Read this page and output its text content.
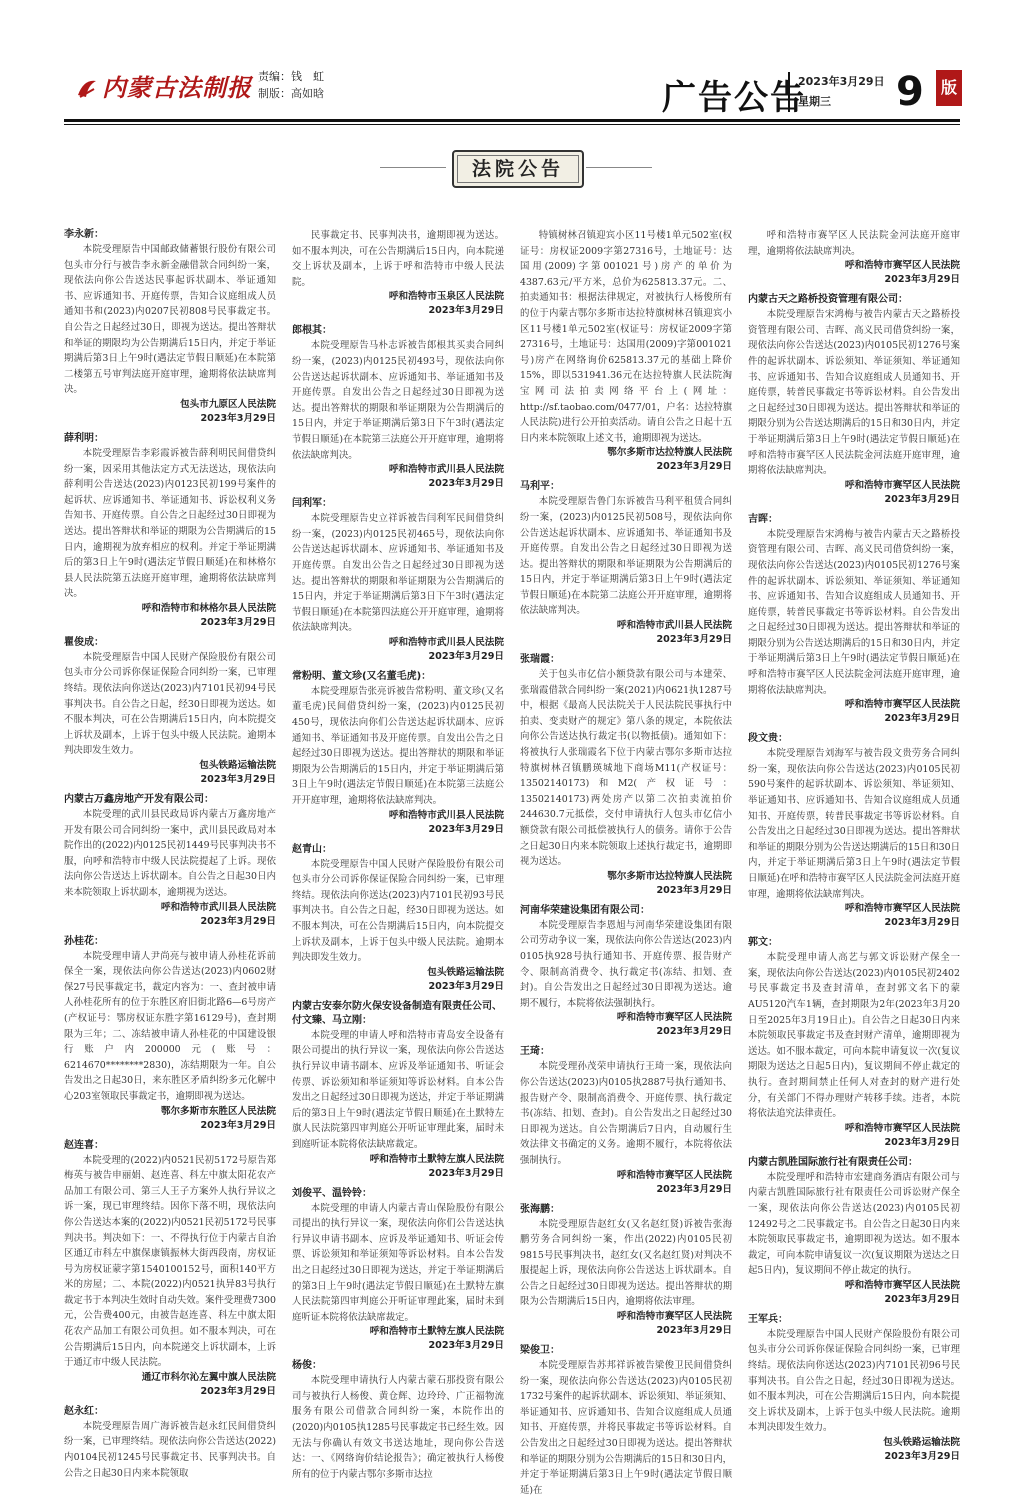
内蒙古法制报 责编：钱　虹
制版：高如晗	广告公告
2023年3月29日
星期三	9	版
法院公告
李永新：
本院受理原告中国邮政储蓄银行股份有限公司包头市分行与被告李永新金融借款合同纠纷一案，现依法向你公告送达民事起诉状副本、举证通知书、应诉通知书、开庭传票，告知合议庭组成人员通知书和(2023)内0207民初808号民事裁定书。自公告之日起经过30日，即视为送达。提出答辩状和举证的期限均为公告期满后15日内，并定于举证期满后第3日上午9时(遇法定节假日顺延)在本院第二楼第五号审判法庭开庭审理，逾期将依法缺席判决。
包头市九原区人民法院
2023年3月29日
薛利明：
本院受理原告李彩霞诉被告薛利明民间借贷纠纷一案，因采用其他法定方式无法送达，现依法向薛利明公告送达(2023)内0123民初199号案件的起诉状、应诉通知书、举证通知书、诉讼权利义务告知书、开庭传票。自公告之日起经过30日即视为送达。提出答辩状和举证的期限为公告期满后的15日内，逾期视为放弃相应的权利。并定于举证期满后的第3日上午9时(遇法定节假日顺延)在和林格尔县人民法院第五法庭开庭审理，逾期将依法缺席判决。
呼和浩特市和林格尔县人民法院
2023年3月29日
瞿俊成：
本院受理原告中国人民财产保险股份有限公司包头市分公司诉你保证保险合同纠纷一案，已审理终结。现依法向你送达(2023)内7101民初94号民事判决书。自公告之日起，经30日即视为送达。如不服本判决，可在公告期满后15日内，向本院提交上诉状及副本，上诉于包头中级人民法院。逾期本判决即发生效力。
包头铁路运输法院
2023年3月29日
内蒙古万鑫房地产开发有限公司：
本院受理的武川县民政局诉内蒙古万鑫房地产开发有限公司合同纠纷一案中，武川县民政局对本院作出的(2022)内0125民初1449号民事判决书不服，向呼和浩特市中级人民法院提起了上诉。现依法向你公告送达上诉状副本。自公告之日起30日内来本院领取上诉状副本，逾期视为送达。
呼和浩特市武川县人民法院
2023年3月29日
孙桂花：
本院受理申请人尹尚亮与被申请人孙桂花诉前保全一案，现依法向你公告送达(2023)内0602财保27号民事裁定书，裁定内容为：一、查封被申请人孙桂花所有的位于东胜区府旧街北路6—6号房产(产权证号：鄂房权证东胜字第16129号)，查封期限为三年；二、冻结被申请人孙桂花的中国建设银行账户内200000元(账号：6214670********2830)，冻结期限为一年。自公告发出之日起30日，来东胜区矛盾纠纷多元化解中心203室领取民事裁定书，逾期即视为送达。
鄂尔多斯市东胜区人民法院
2023年3月29日
赵连喜：
本院受理的(2022)内0521民初5172号原告郑梅英与被告申丽娟、赵连喜、科左中旗太阳花农产品加工有限公司、第三人王子方案外人执行异议之诉一案，现已审理终结。因你下落不明，现依法向你公告送达本案的(2022)内0521民初5172号民事判决书。判决如下：一、不得执行位于内蒙古自治区通辽市科左中旗保康镇振林大街西段南，房权证号为房权证蒙字第1540100152号，面积140平方米的房屋；二、本院(2022)内0521执异83号执行裁定书于本判决生效时自动失效。案件受理费7300元，公告费400元，由被告赵连喜、科左中旗太阳花农产品加工有限公司负担。如不服本判决，可在公告期满后15日内，向本院递交上诉状副本，上诉于通辽市中级人民法院。
通辽市科尔沁左翼中旗人民法院
2023年3月29日
赵永红：
本院受理原告周广海诉被告赵永红民间借贷纠纷一案，已审理终结。现依法向你公告送达(2022)内0104民初1245号民事裁定书、民事判决书。自公告之日起30日内来本院领取
民事裁定书、民事判决书，逾期即视为送达。如不服本判决，可在公告期满后15日内，向本院递交上诉状及副本，上诉于呼和浩特市中级人民法院。
呼和浩特市玉泉区人民法院
2023年3月29日
郎根其：
本院受理原告马朴志诉被告郎根其买卖合同纠纷一案，(2023)内0125民初493号，现依法向你公告送达起诉状副本、应诉通知书、举证通知书及开庭传票。自发出公告之日起经过30日即视为送达。提出答辩状的期限和举证期限为公告期满后的15日内，并定于举证期满后第3日下午3时(遇法定节假日顺延)在本院第三法庭公开开庭审理，逾期将依法缺席判决。
呼和浩特市武川县人民法院
2023年3月29日
闫利军：
本院受理原告史立祥诉被告闫利军民间借贷纠纷一案，(2023)内0125民初465号，现依法向你公告送达起诉状副本、应诉通知书、举证通知书及开庭传票。自发出公告之日起经过30日即视为送达。提出答辩状的期限和举证期限为公告期满后的15日内，并定于举证期满后第3日下午3时(遇法定节假日顺延)在本院第四法庭公开开庭审理，逾期将依法缺席判决。
呼和浩特市武川县人民法院
2023年3月29日
常粉明、董文珍(又名董毛虎)：
本院受理原告张亮诉被告常粉明、董文珍(又名董毛虎)民间借贷纠纷一案，(2023)内0125民初450号，现依法向你们公告送达起诉状副本、应诉通知书、举证通知书及开庭传票。自发出公告之日起经过30日即视为送达。提出答辩状的期限和举证期限为公告期满后的15日内，并定于举证期满后第3日上午9时(遇法定节假日顺延)在本院第三法庭公开开庭审理，逾期将依法缺席判决。
呼和浩特市武川县人民法院
2023年3月29日
赵青山：
本院受理原告中国人民财产保险股份有限公司包头市分公司诉你保证保险合同纠纷一案，已审理终结。现依法向你送达(2023)内7101民初93号民事判决书。自公告之日起，经30日即视为送达。如不服本判决，可在公告期满后15日内，向本院提交上诉状及副本，上诉于包头中级人民法院。逾期本判决即发生效力。
包头铁路运输法院
2023年3月29日
内蒙古安泰尔防火保安设备制造有限责任公司、付文臻、马立刚：
本院受理的申请人呼和浩特市青岛安全设备有限公司提出的执行异议一案，现依法向你公告送达执行异议申请书副本、应诉及举证通知书、听证会传票、诉讼须知和举证须知等诉讼材料。自本公告发出之日起经过30日即视为送达，并定于举证期满后的第3日上午9时(遇法定节假日顺延)在土默特左旗人民法院第四审判庭公开听证审理此案，届时未到庭听证本院将依法缺席裁定。
呼和浩特市土默特左旗人民法院
2023年3月29日
刘俊平、温铃铃：
本院受理的申请人内蒙古青山保险股份有限公司提出的执行异议一案，现依法向你们公告送达执行异议申请书副本、应诉及举证通知书、听证会传票、诉讼须知和举证须知等诉讼材料。自本公告发出之日起经过30日即视为送达，并定于举证期满后的第3日上午9时(遇法定节假日顺延)在土默特左旗人民法院第四审判庭公开听证审理此案，届时未到庭听证本院将依法缺席裁定。
呼和浩特市土默特左旗人民法院
2023年3月29日
杨俊：
本院受理申请执行人内蒙古蒙石那投资有限公司与被执行人杨俊、黄仓辉、边玲玲、广正福物流服务有限公司借款合同纠纷一案，本院作出的(2020)内0105执1285号民事裁定书已经生效。因无法与你确认有效文书送达地址，现向你公告送达：一、《网络询价结论报告》；确定被执行人杨俊所有的位于内蒙古鄂尔多斯市达拉
特镇树林召镇迎宾小区11号楼1单元502室(权证号：房权证2009字第27316号，土地证号：达国用(2009)字第001021号)房产的单价为4387.63元/平方米，总价为625813.37元。二、拍卖通知书：根据法律规定，对被执行人杨俊所有的位于内蒙古鄂尔多斯市达拉特旗树林召镇迎宾小区11号楼1单元502室(权证号：房权证2009字第27316号，土地证号：达国用(2009)字第001021号)房产在网络询价625813.37元的基础上降价15%，即以531941.36元在达拉特旗人民法院淘宝网司法拍卖网络平台上(网址：http://sf.taobao.com/0477/01，户名：达拉特旗人民法院)进行公开拍卖活动。请自公告之日起十五日内来本院领取上述文书，逾期即视为送达。
鄂尔多斯市达拉特旗人民法院
2023年3月29日
马利平：
本院受理原告鲁门东诉被告马利平租赁合同纠纷一案，(2023)内0125民初508号，现依法向你公告送达起诉状副本、应诉通知书、举证通知书及开庭传票。自发出公告之日起经过30日即视为送达。提出答辩状的期限和举证期限为公告期满后的15日内，并定于举证期满后第3日上午9时(遇法定节假日顺延)在本院第二法庭公开开庭审理，逾期将依法缺席判决。
呼和浩特市武川县人民法院
2023年3月29日
张瑞霞：
关于包头市亿信小额贷款有限公司与本建荣、张瑞霞借款合同纠纷一案(2021)内0621执1287号中，根据《最高人民法院关于人民法院民事执行中拍卖、变卖财产的规定》第八条的规定，本院依法向你公告送达执行裁定书(以物抵债)。通知如下：将被执行人张瑞霞名下位于内蒙古鄂尔多斯市达拉特旗树林召镇鹏瑛城地下商场M11(产权证号：13502140173)和M2(产权证号：13502140173)两处房产以第二次拍卖流拍价244630.7元抵偿，交付申请执行人包头市亿信小额贷款有限公司抵偿被执行人的债务。请你于公告之日起30日内来本院领取上述执行裁定书，逾期即视为送达。
鄂尔多斯市达拉特旗人民法院
2023年3月29日
河南华荣建设集团有限公司：
本院受理原告李恩旭与河南华荣建设集团有限公司劳动争议一案，现依法向你公告送达(2023)内0105执928号执行通知书、开庭传票、报告财产令、限制高消费令、执行裁定书(冻结、扣划、查封)。自公告发出之日起经过30日即视为送达。逾期不履行，本院将依法强制执行。
呼和浩特市赛罕区人民法院
2023年3月29日
王琦：
本院受理孙茂荣申请执行王琦一案，现依法向你公告送达(2023)内0105执2887号执行通知书、报告财产令、限制高消费令、开庭传票、执行裁定书(冻结、扣划、查封)。自公告发出之日起经过30日即视为送达。自公告期满后7日内，自动履行生效法律文书确定的义务。逾期不履行，本院将依法强制执行。
呼和浩特市赛罕区人民法院
2023年3月29日
张海鹏：
本院受理原告赵红女(又名赵红贤)诉被告张海鹏劳务合同纠纷一案，作出(2022)内0105民初9815号民事判决书，赵红女(又名赵红贤)对判决不服提起上诉，现依法向你公告送达上诉状副本。自公告之日起经过30日即视为送达。提出答辩状的期限为公告期满后15日内，逾期将依法审理。
呼和浩特市赛罕区人民法院
2023年3月29日
梁俊卫：
本院受理原告苏邦祥诉被告梁俊卫民间借贷纠纷一案，现依法向你公告送达(2023)内0105民初1732号案件的起诉状副本、诉讼须知、举证须知、举证通知书、应诉通知书、告知合议庭组成人员通知书、开庭传票，并将民事裁定书等诉讼材料。自公告发出之日起经过30日即视为送达。提出答辩状和举证的期限分别为公告期满后的15日和30日内，并定于举证期满后第3日上午9时(遇法定节假日顺延)在
呼和浩特市赛罕区人民法院金河法庭开庭审理，逾期将依法缺席判决。
呼和浩特市赛罕区人民法院
2023年3月29日
内蒙古天之路桥投资管理有限公司：
本院受理原告宋鸿梅与被告内蒙古天之路桥投资管理有限公司、吉晖、高义民司借贷纠纷一案，现依法向你公告送达(2023)内0105民初1276号案件的起诉状副本、诉讼须知、举证须知、举证通知书、应诉通知书、告知合议庭组成人员通知书、开庭传票，转普民事裁定书等诉讼材料。自公告发出之日起经过30日即视为送达。提出答辩状和举证的期限分别为公告送达期满后的15日和30日内，并定于举证期满后第3日上午9时(遇法定节假日顺延)在呼和浩特市赛罕区人民法院金河法庭开庭审理，逾期将依法缺席判决。
呼和浩特市赛罕区人民法院
2023年3月29日
吉晖：
本院受理原告宋鸿梅与被告内蒙古天之路桥投资管理有限公司、吉晖、高义民司借贷纠纷一案，现依法向你公告送达(2023)内0105民初1276号案件的起诉状副本、诉讼须知、举证须知、举证通知书、应诉通知书、告知合议庭组成人员通知书、开庭传票，转普民事裁定书等诉讼材料。自公告发出之日起经过30日即视为送达。提出答辩状和举证的期限分别为公告送达期满后的15日和30日内，并定于举证期满后第3日上午9时(遇法定节假日顺延)在呼和浩特市赛罕区人民法院金河法庭开庭审理，逾期将依法缺席判决。
呼和浩特市赛罕区人民法院
2023年3月29日
段文贵：
本院受理原告刘海军与被告段文贵劳务合同纠纷一案，现依法向你公告送达(2023)内0105民初590号案件的起诉状副本、诉讼须知、举证须知、举证通知书、应诉通知书、告知合议庭组成人员通知书、开庭传票，转普民事裁定书等诉讼材料。自公告发出之日起经过30日即视为送达。提出答辩状和举证的期限分别为公告送达期满后的15日和30日内，并定于举证期满后第3日上午9时(遇法定节假日顺延)在呼和浩特市赛罕区人民法院金河法庭开庭审理，逾期将依法缺席判决。
呼和浩特市赛罕区人民法院
2023年3月29日
郭文：
本院受理申请人高艺与郭文诉讼财产保全一案，现依法向你公告送达(2023)内0105民初2402号民事裁定书及查封清单，查封郭文名下的蒙AU5120汽车1辆，查封期限为2年(2023年3月20日至2025年3月19日止)。自公告之日起30日内来本院领取民事裁定书及查封财产清单，逾期即视为送达。如不服本裁定，可向本院申请复议一次(复议期限为送达之日起5日内)，复议期间不停止裁定的执行。查封期间禁止任何人对查封的财产进行处分，有关部门不得办理财产转移手续。违者，本院将依法追究法律责任。
呼和浩特市赛罕区人民法院
2023年3月29日
内蒙古凯胜国际旅行社有限责任公司：
本院受理呼和浩特市宏建商务酒店有限公司与内蒙古凯胜国际旅行社有限责任公司诉讼财产保全一案，现依法向你公告送达(2023)内0105民初12492号之二民事裁定书。自公告之日起30日内来本院领取民事裁定书，逾期即视为送达。如不服本裁定，可向本院申请复议一次(复议期限为送达之日起5日内)，复议期间不停止裁定的执行。
呼和浩特市赛罕区人民法院
2023年3月29日
王军兵：
本院受理原告中国人民财产保险股份有限公司包头市分公司诉你保证保险合同纠纷一案，已审理终结。现依法向你送达(2023)内7101民初96号民事判决书。自公告之日起，经过30日即视为送达。如不服本判决，可在公告期满后15日内，向本院提交上诉状及副本，上诉于包头中级人民法院。逾期本判决即发生效力。
包头铁路运输法院
2023年3月29日
